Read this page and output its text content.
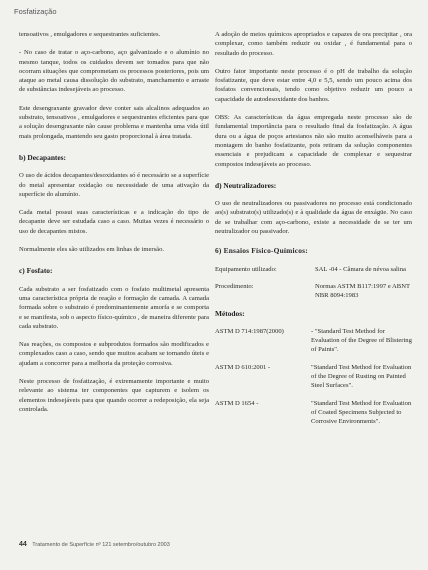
Fosfatização

tensoativos , emulgadores e sequestrantes suficientes.

- No caso de tratar o aço-carbono, aço galvanizado e o alumínio no mesmo tanque, todos os cuidados devem ser tomados para que não ocorram situações que comprometam os processos posteriores, pois um ataque ao metal causa dissolução do substrato, manchamento e arraste de substâncias indesejáveis ao processo.

Este desengraxante gravador deve conter sais alcalinos adequados ao substrato, tensoativos , emulgadores e sequestrantes eficientes para que a solução desengraxante não cause problema e mantenha uma vida útil mais prolongada, mantendo seu gasto proporcional à área tratada.

b) Decapantes:

O uso de ácidos decapantes/desoxidantes só é necessário se a superfície do metal apresentar oxidação ou necessidade de uma ativação da superfície do alumínio.

Cada metal possui suas características e a indicação do tipo de decapante deve ser estudada caso a caso. Muitas vezes é necessário o uso de decapantes mistos.

Normalmente eles são utilizados em linhas de imersão.

c) Fosfato:

Cada substrato a ser fosfatizado com o fosfato multimetal apresenta uma característica própria de reação e formação de camada. A camada formada sobre o substrato é predominantemente amorfa e se comporta e se manifesta, sob o aspecto físico-químico , de maneira diferente para cada substrato.

Nas reações, os compostos e subprodutos formados são modificados e complexados caso a caso, sendo que muitos acabam se tornando úteis e ajudam a concorrer para a melhoria da proteção corrosiva.

Neste processo de fosfatização, é extremamente importante e muito relevante ao sistema ter componentes que capturem e isolem os elementos indesejáveis para que quando ocorrer a redeposição, ela seja controlada.

A adoção de meios químicos apropriados e capazes de ora precipitar , ora complexar, como também reduzir ou oxidar , é fundamental para o resultado do processo.

Outro fator importante neste processo é o pH de trabalho da solução fosfatizante, que deve estar entre 4,0 e 5,5, sendo um pouco acima dos fosfatos convencionais, tendo como objetivo reduzir um pouco a capacidade de autodesoxidante dos banhos.

OBS: As características da água empregada neste processo são de fundamental importância para o resultado final da fosfatização. A água dura ou a água de poços artesianos não são muito aconselháveis para a montagem do banho fosfatizante, pois retiram da solução componentes essenciais e prejudicam a capacidade de complexar e sequestrar compostos indesejáveis ao processo.

d) Neutralizadores:

O uso de neutralizadores ou passivadores no processo está condicionado ao(s) substrato(s) utilizado(s) e à qualidade da água de enxágüe. No caso de se trabalhar com aço-carbono, existe a necessidade de se ter um neutralizador ou passivador.

6) Ensaios Físico-Químicos:
Equipamento utilizado:	SAL -04 - Câmara de névoa salina
Procedimento:	Normas ASTM B117:1997 e ABNT NBR 8094:1983
Métodos:
ASTM D 714:1987(2000)	- "Standard Test Method for Evaluation of the Degree of Blistering of Paints".
ASTM D 610:2001 -	"Standard Test Method for Evaluation of the Degree of Rusting on Painted Steel Surfaces".
ASTM D 1654 -	"Standard Test Method for Evaluation of Coated Specimens Subjected to Corrosive Environments".
44 Tratamento de Superfície nº 121 setembro/outubro 2003
